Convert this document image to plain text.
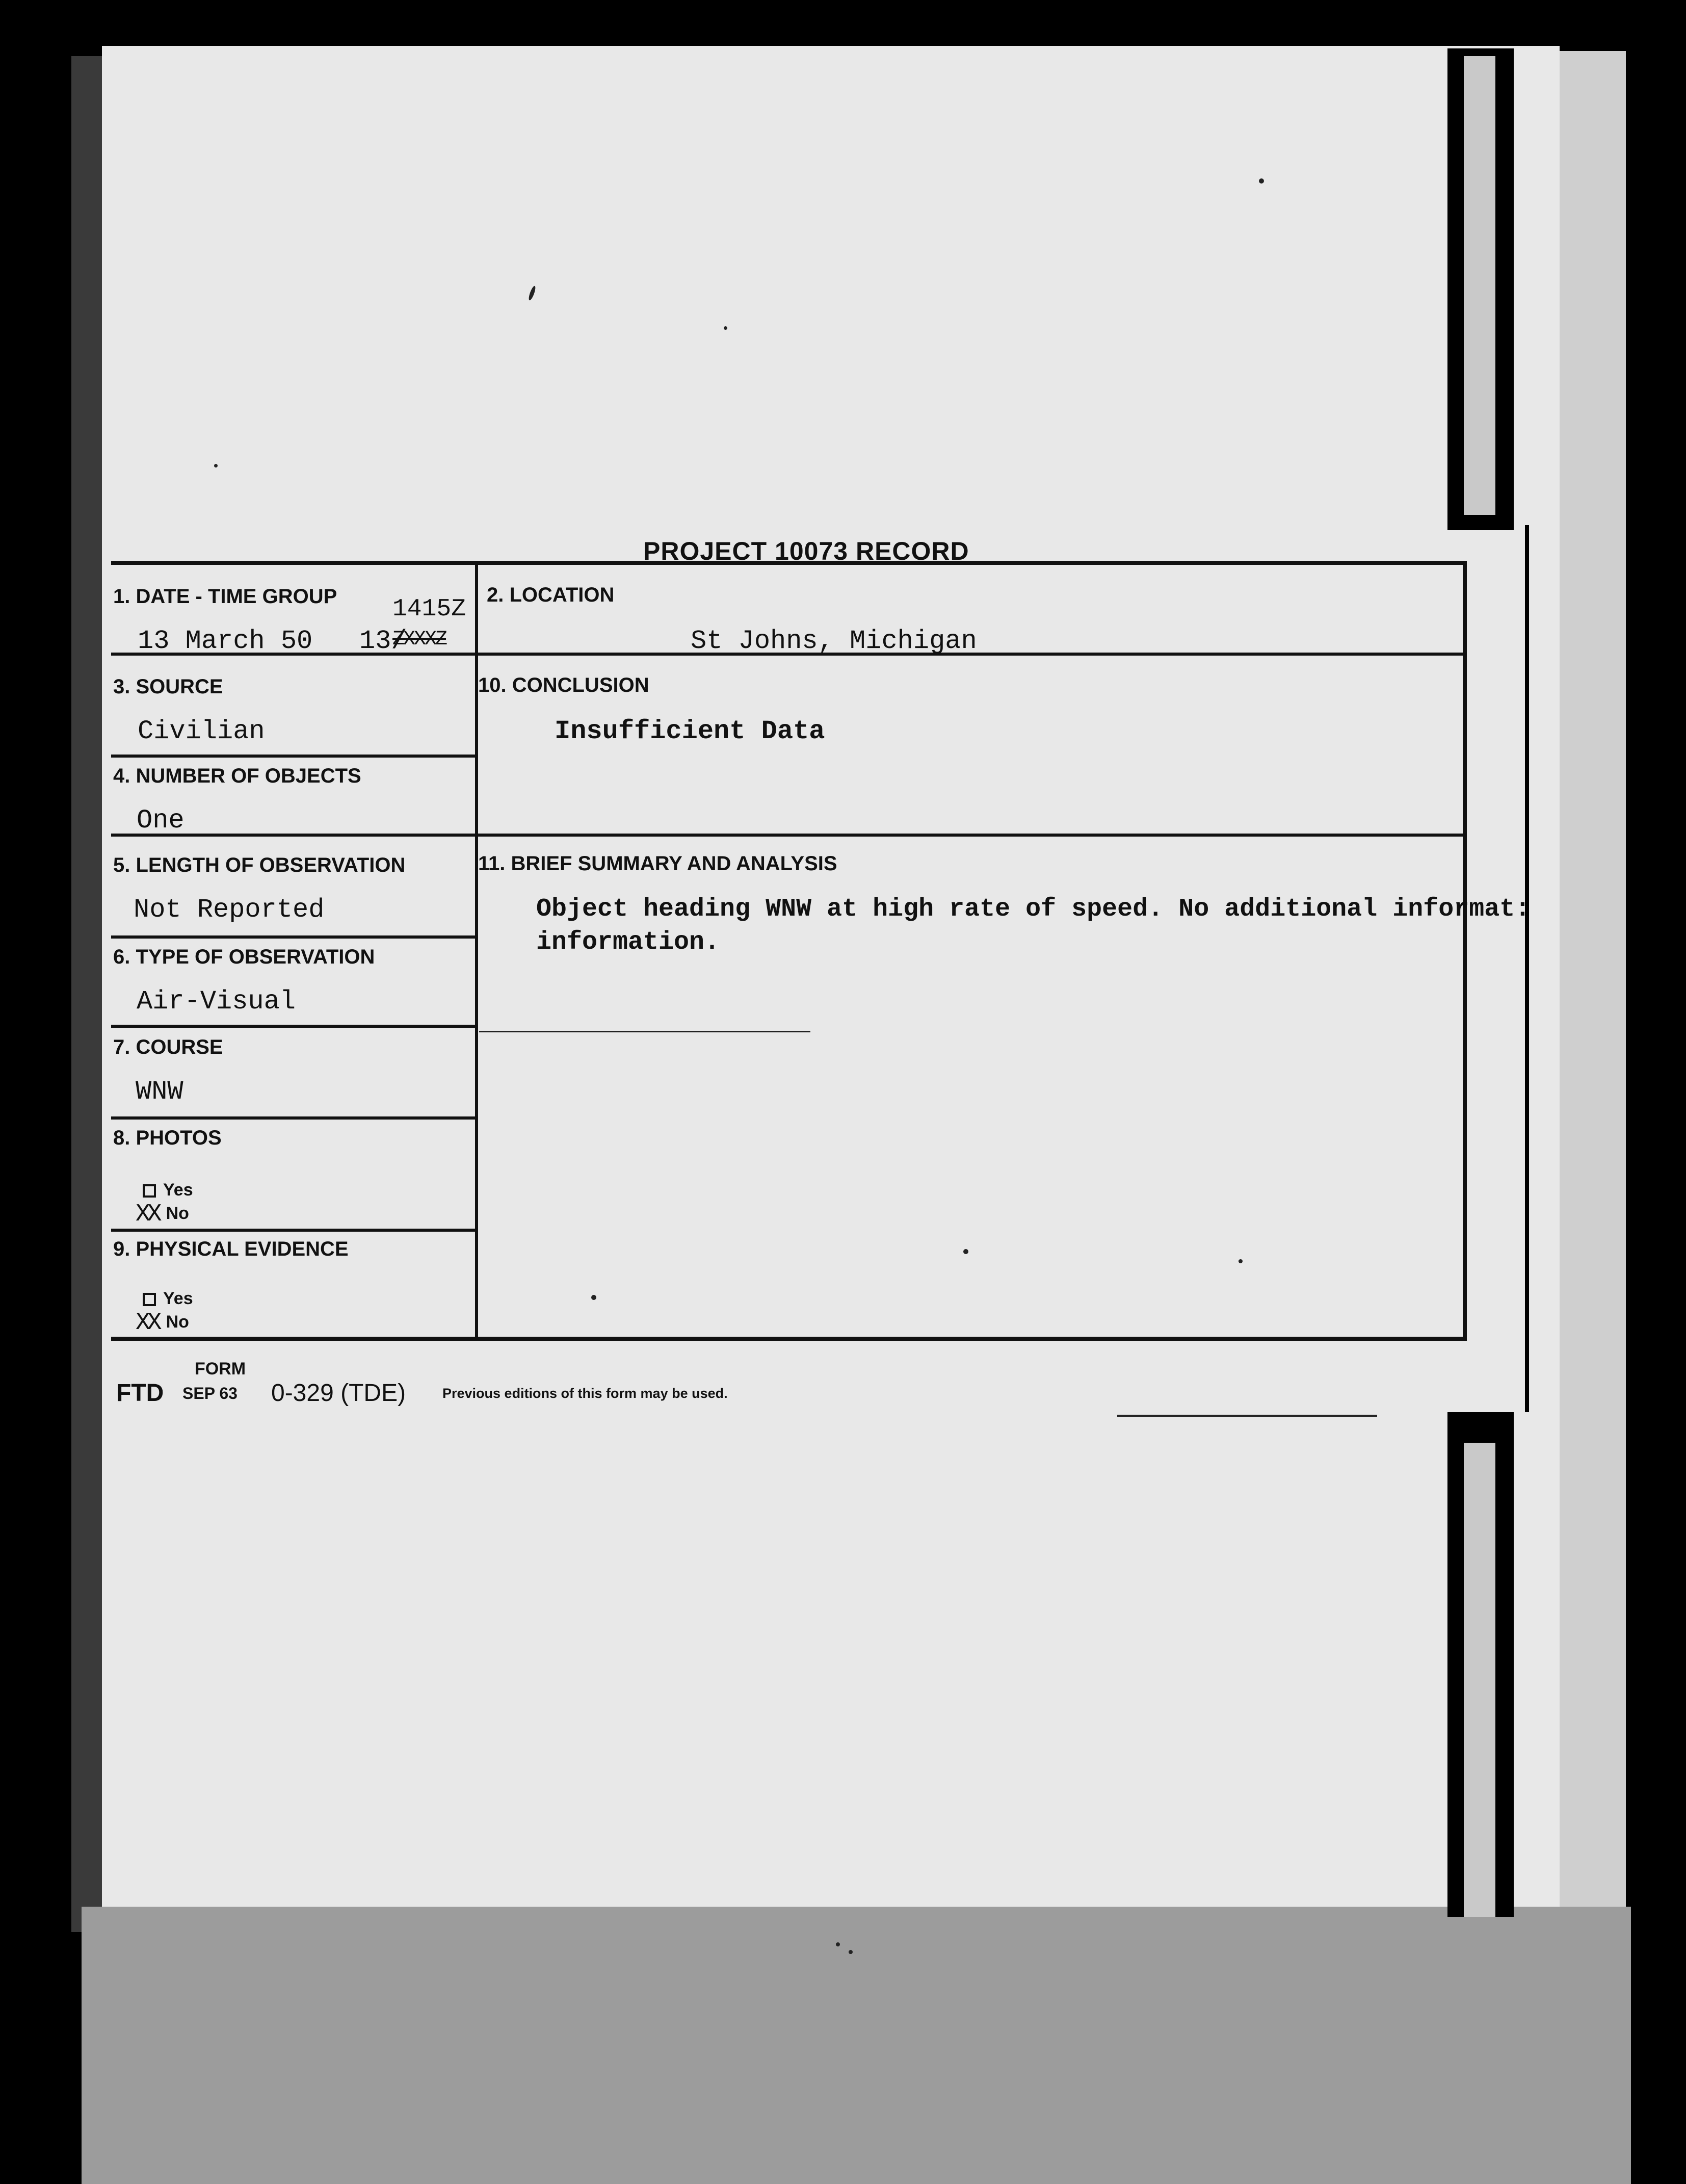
PROJECT 10073 RECORD
1. DATE - TIME GROUP
13 March 50 13/
ZXXXZ
1415Z
2. LOCATION
St Johns, Michigan
3. SOURCE
Civilian
10. CONCLUSION
Insufficient Data
4. NUMBER OF OBJECTS
One
5. LENGTH OF OBSERVATION
Not Reported
11. BRIEF SUMMARY AND ANALYSIS
Object heading WNW at high rate of speed. No additional informat:
information.
6. TYPE OF OBSERVATION
Air-Visual
7. COURSE
WNW
8. PHOTOS
Yes
XX No
9. PHYSICAL EVIDENCE
Yes
XX No
FORM
FTD SEP 63 0-329 (TDE)	Previous editions of this form may be used.
